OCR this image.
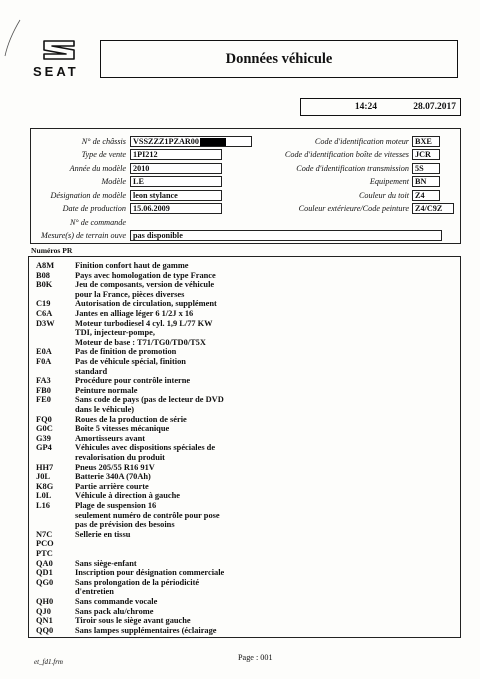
SEAT
Données véhicule
14:24	28.07.2017
N° de châssis VSSZZZ1PZAR00
Type de vente 1PI212
Année du modèle 2010
Modèle LE
Désignation de modèle leon stylance
Date de production 15.06.2009
N° de commande
Mesure(s) de terrain ouve pas disponible
Code d'identification moteur BXE
Code d'identification boîte de vitesses JCR
Code d'identification transmission 5S
Equipement BN
Couleur du toit Z4
Couleur extérieure/Code peinture Z4/C9Z
Numéros PR
A8M	Finition confort haut de gamme
B08	Pays avec homologation de type France
B0K	Jeu de composants, version de véhicule
pour la France, pièces diverses
C19	Autorisation de circulation, supplément
C6A	Jantes en alliage léger 6 1/2J x 16
D3W	Moteur turbodiesel 4 cyl. 1,9 L/77 KW
TDI, injecteur-pompe,
Moteur de base : T71/TG0/TD0/T5X
E0A	Pas de finition de promotion
F0A	Pas de véhicule spécial, finition
standard
FA3	Procédure pour contrôle interne
FB0	Peinture normale
FE0	Sans code de pays (pas de lecteur de DVD
dans le véhicule)
FQ0	Roues de la production de série
G0C	Boîte 5 vitesses mécanique
G39	Amortisseurs avant
GP4	Véhicules avec dispositions spéciales de
revalorisation du produit
HH7	Pneus 205/55 R16 91V
J0L	Batterie 340A (70Ah)
K8G	Partie arrière courte
L0L	Véhicule à direction à gauche
L16	Plage de suspension 16
seulement numéro de contrôle pour pose
pas de prévision des besoins
N7C	Sellerie en tissu
PCO
PTC
QA0	Sans siège-enfant
QD1	Inscription pour désignation commerciale
QG0	Sans prolongation de la périodicité
d'entretien
QH0	Sans commande vocale
QJ0	Sans pack alu/chrome
QN1	Tiroir sous le siège avant gauche
QQ0	Sans lampes supplémentaires (éclairage
et_fd1.frm	Page : 001
